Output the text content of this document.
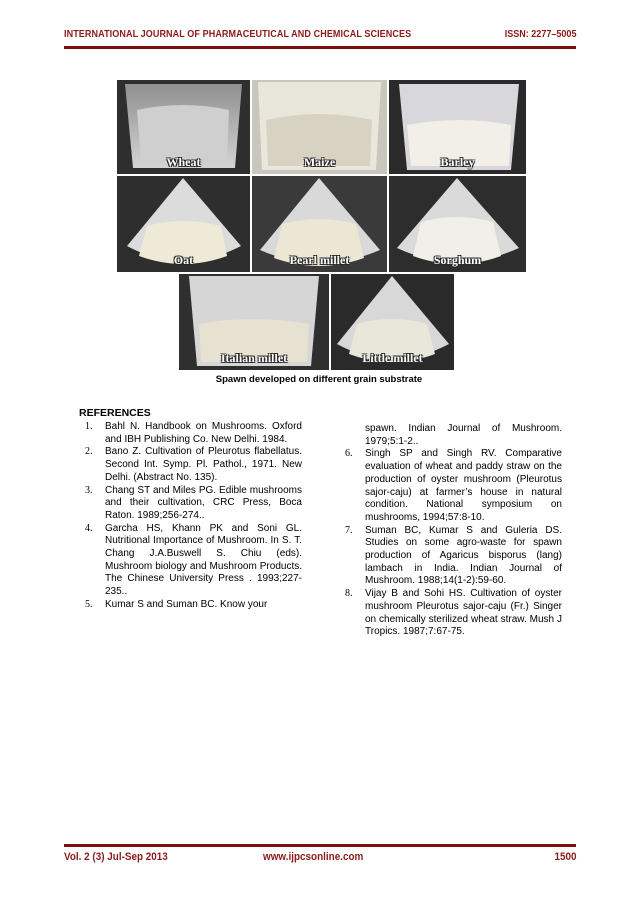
INTERNATIONAL JOURNAL OF PHARMACEUTICAL AND CHEMICAL SCIENCES	ISSN: 2277–5005
Wheat	Maize	Barley
Oat	Pearl millet	Sorghum
Italian millet	Little millet
Spawn developed on different grain substrate
REFERENCES

1. Bahl N. Handbook on Mushrooms. Oxford and IBH Publishing Co. New Delhi. 1984.

2. Bano Z. Cultivation of Pleurotus flabellatus. Second Int. Symp. Pl. Pathol., 1971. New Delhi. (Abstract No. 135).

3. Chang ST and Miles PG. Edible mushrooms and their cultivation, CRC Press, Boca Raton. 1989;256-274..

4. Garcha HS, Khann PK and Soni GL. Nutritional Importance of Mushroom. In S. T. Chang J.A.Buswell S. Chiu (eds). Mushroom biology and Mushroom Products. The Chinese University Press . 1993;227-235..

5. Kumar S and Suman BC. Know your

spawn. Indian Journal of Mushroom. 1979;5:1-2..

6. Singh SP and Singh RV. Comparative evaluation of wheat and paddy straw on the production of oyster mushroom (Pleurotus sajor-caju) at farmer’s house in natural condition. National symposium on mushrooms, 1994;57:8-10.

7. Suman BC, Kumar S and Guleria DS. Studies on some agro-waste for spawn production of Agaricus bisporus (lang) lambach in India. Indian Journal of Mushroom. 1988;14(1-2):59-60.

8. Vijay B and Sohi HS. Cultivation of oyster mushroom Pleurotus sajor-caju (Fr.) Singer on chemically sterilized wheat straw. Mush J Tropics. 1987;7:67-75.

Vol. 2 (3) Jul-Sep 2013	www.ijpcsonline.com	1500
